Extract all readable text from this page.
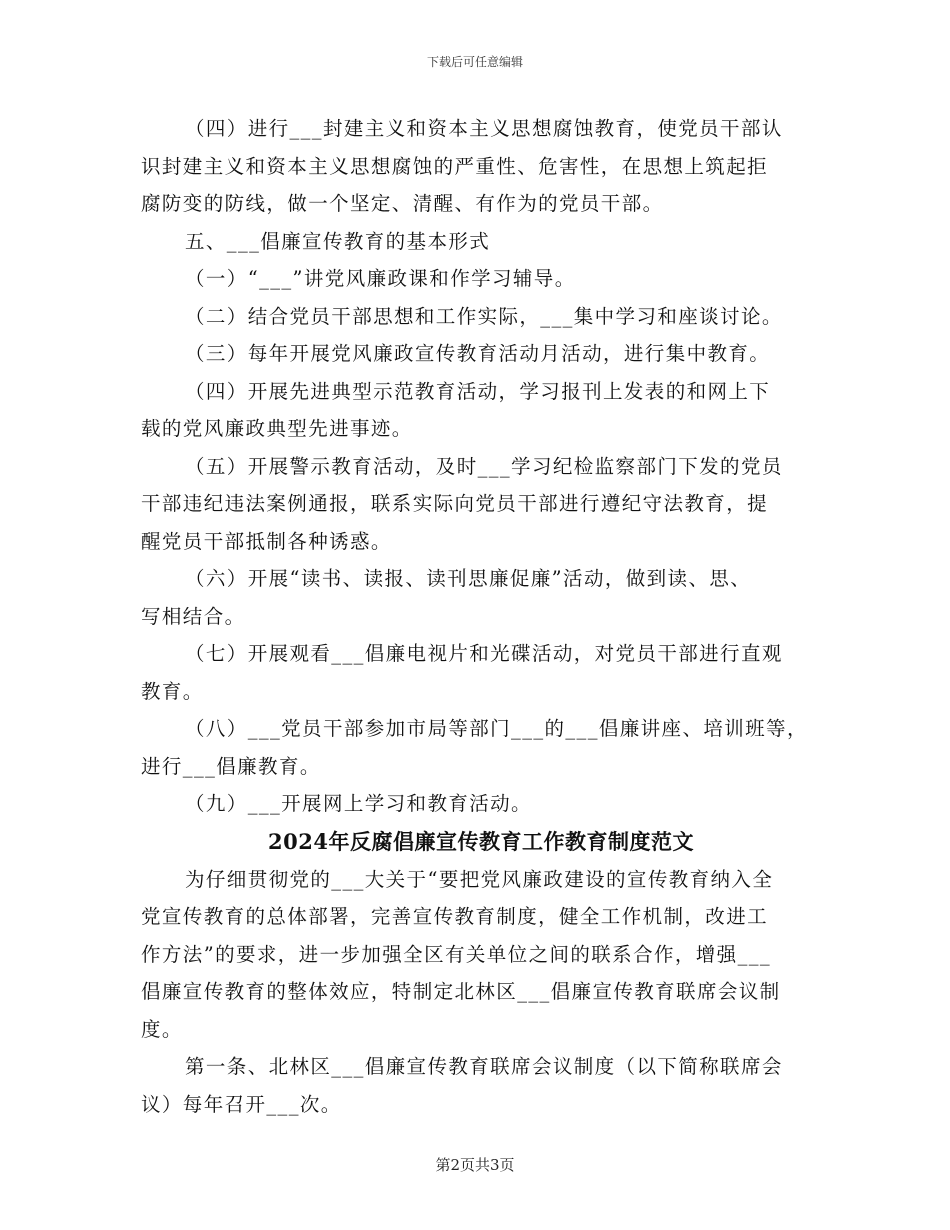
下载后可任意编辑
（四）进行___封建主义和资本主义思想腐蚀教育，使党员干部认
识封建主义和资本主义思想腐蚀的严重性、危害性，在思想上筑起拒
腐防变的防线，做一个坚定、清醒、有作为的党员干部。
五、___倡廉宣传教育的基本形式
（一）“___”讲党风廉政课和作学习辅导。
（二）结合党员干部思想和工作实际，___集中学习和座谈讨论。
（三）每年开展党风廉政宣传教育活动月活动，进行集中教育。
（四）开展先进典型示范教育活动，学习报刊上发表的和网上下
载的党风廉政典型先进事迹。
（五）开展警示教育活动，及时___学习纪检监察部门下发的党员
干部违纪违法案例通报，联系实际向党员干部进行遵纪守法教育，提
醒党员干部抵制各种诱惑。
（六）开展“读书、读报、读刊思廉促廉”活动，做到读、思、
写相结合。
（七）开展观看___倡廉电视片和光碟活动，对党员干部进行直观
教育。
（八）___党员干部参加市局等部门___的___倡廉讲座、培训班等，
进行___倡廉教育。
（九）___开展网上学习和教育活动。
2024年反腐倡廉宣传教育工作教育制度范文
为仔细贯彻党的___大关于“要把党风廉政建设的宣传教育纳入全
党宣传教育的总体部署，完善宣传教育制度，健全工作机制，改进工
作方法”的要求，进一步加强全区有关单位之间的联系合作，增强___
倡廉宣传教育的整体效应，特制定北林区___倡廉宣传教育联席会议制
度。
第一条、北林区___倡廉宣传教育联席会议制度（以下简称联席会
议）每年召开___次。
第2页共3页
